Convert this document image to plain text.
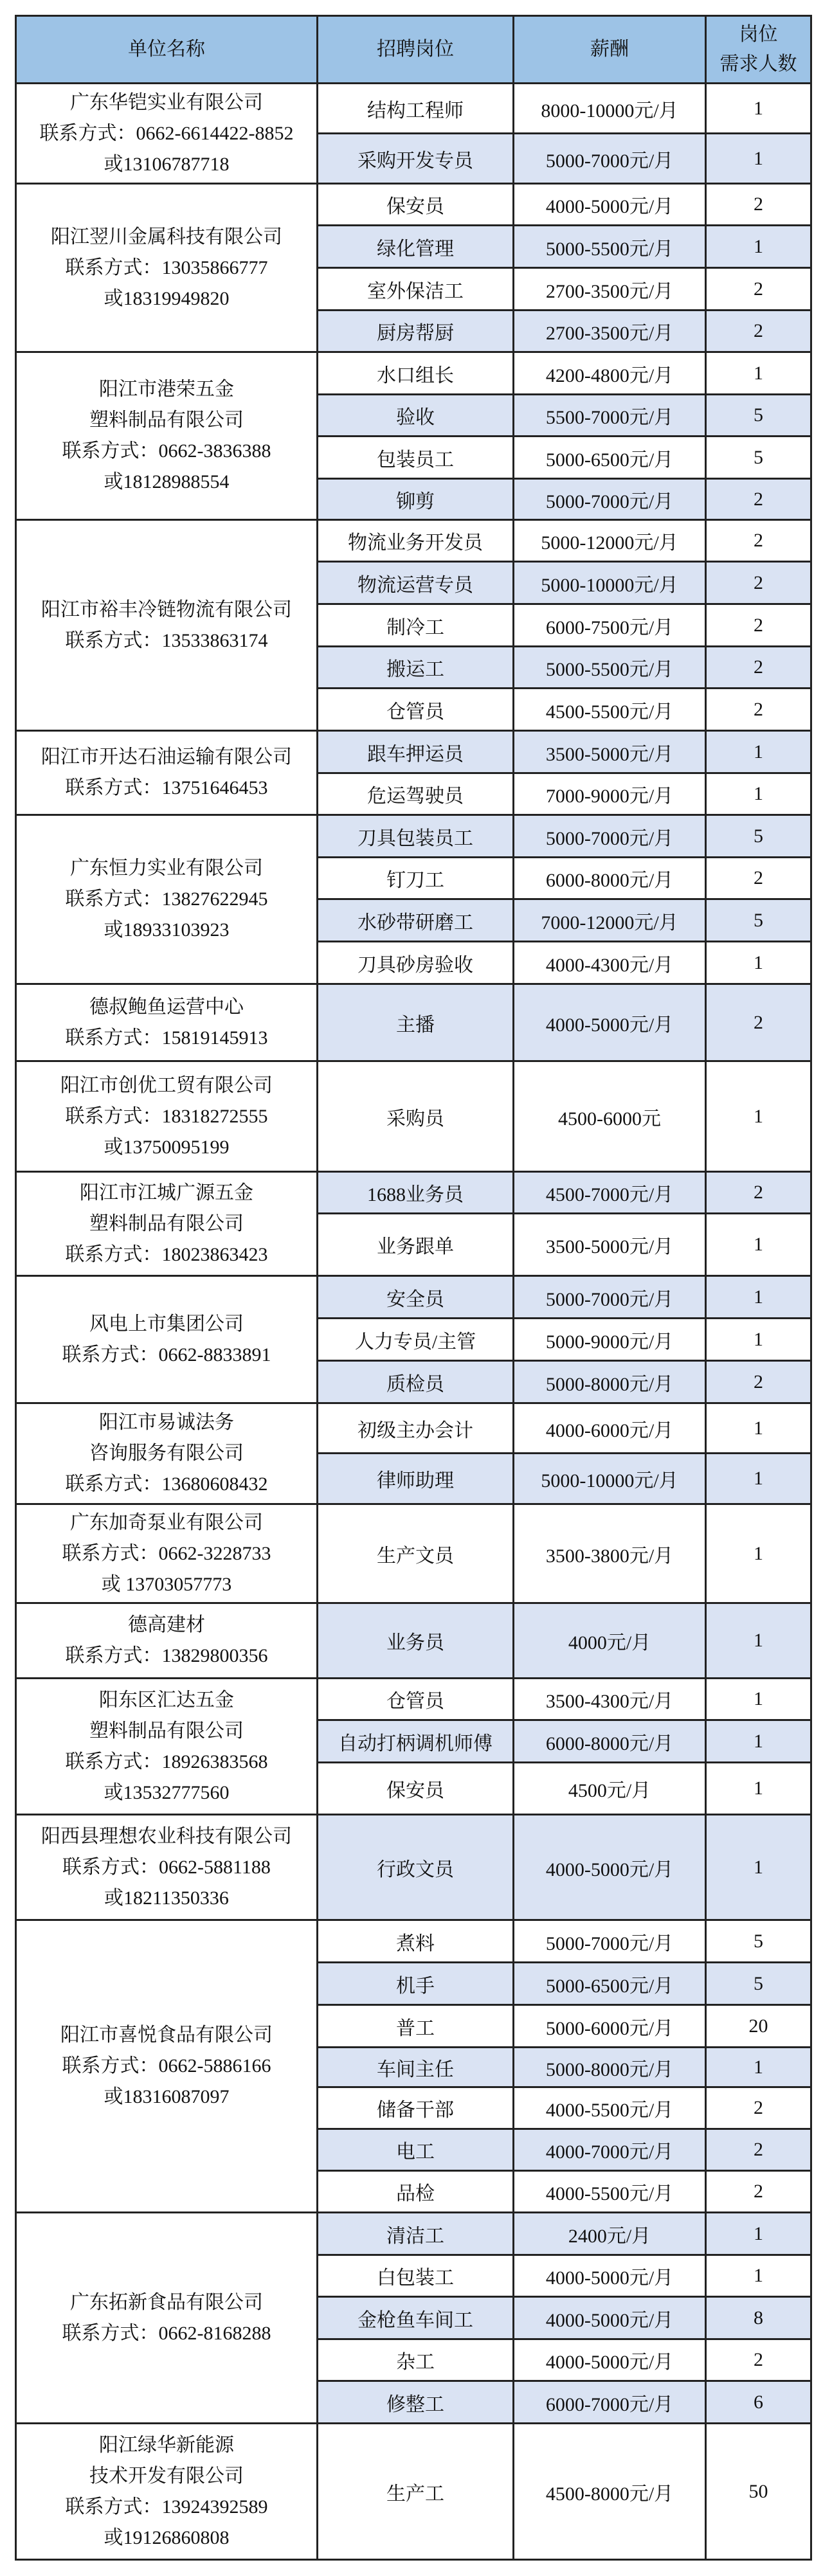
单位名称	招聘岗位	薪酬	岗位
需求人数

广东华铠实业有限公司
联系方式：0662-6614422-8852
或13106787718	结构工程师	8000-10000元/月	1
	采购开发专员	5000-7000元/月	1

阳江翌川金属科技有限公司
联系方式：13035866777
或18319949820	保安员	4000-5000元/月	2
	绿化管理	5000-5500元/月	1
	室外保洁工	2700-3500元/月	2
	厨房帮厨	2700-3500元/月	2

阳江市港荣五金
塑料制品有限公司
联系方式：0662-3836388
或18128988554	水口组长	4200-4800元/月	1
	验收	5500-7000元/月	5
	包装员工	5000-6500元/月	5
	铆剪	5000-7000元/月	2

阳江市裕丰冷链物流有限公司
联系方式：13533863174	物流业务开发员	5000-12000元/月	2
	物流运营专员	5000-10000元/月	2
	制冷工	6000-7500元/月	2
	搬运工	5000-5500元/月	2
	仓管员	4500-5500元/月	2

阳江市开达石油运输有限公司
联系方式：13751646453	跟车押运员	3500-5000元/月	1
	危运驾驶员	7000-9000元/月	1

广东恒力实业有限公司
联系方式：13827622945
或18933103923	刀具包装员工	5000-7000元/月	5
	钉刀工	6000-8000元/月	2
	水砂带研磨工	7000-12000元/月	5
	刀具砂房验收	4000-4300元/月	1

德叔鲍鱼运营中心
联系方式：15819145913	主播	4000-5000元/月	2

阳江市创优工贸有限公司
联系方式：18318272555
或13750095199	采购员	4500-6000元	1

阳江市江城广源五金
塑料制品有限公司
联系方式：18023863423	1688业务员	4500-7000元/月	2
	业务跟单	3500-5000元/月	1

风电上市集团公司
联系方式：0662-8833891	安全员	5000-7000元/月	1
	人力专员/主管	5000-9000元/月	1
	质检员	5000-8000元/月	2

阳江市易诚法务
咨询服务有限公司
联系方式：13680608432	初级主办会计	4000-6000元/月	1
	律师助理	5000-10000元/月	1

广东加奇泵业有限公司
联系方式：0662-3228733
或 13703057773	生产文员	3500-3800元/月	1

德高建材
联系方式：13829800356	业务员	4000元/月	1

阳东区汇达五金
塑料制品有限公司
联系方式：18926383568
或13532777560	仓管员	3500-4300元/月	1
	自动打柄调机师傅	6000-8000元/月	1
	保安员	4500元/月	1

阳西县理想农业科技有限公司
联系方式：0662-5881188
或18211350336	行政文员	4000-5000元/月	1

阳江市喜悦食品有限公司
联系方式：0662-5886166
或18316087097	煮料	5000-7000元/月	5
	机手	5000-6500元/月	5
	普工	5000-6000元/月	20
	车间主任	5000-8000元/月	1
	储备干部	4000-5500元/月	2
	电工	4000-7000元/月	2
	品检	4000-5500元/月	2

广东拓新食品有限公司
联系方式：0662-8168288	清洁工	2400元/月	1
	白包装工	4000-5000元/月	1
	金枪鱼车间工	4000-5000元/月	8
	杂工	4000-5000元/月	2
	修整工	6000-7000元/月	6

阳江绿华新能源
技术开发有限公司
联系方式：13924392589
或19126860808	生产工	4500-8000元/月	50
